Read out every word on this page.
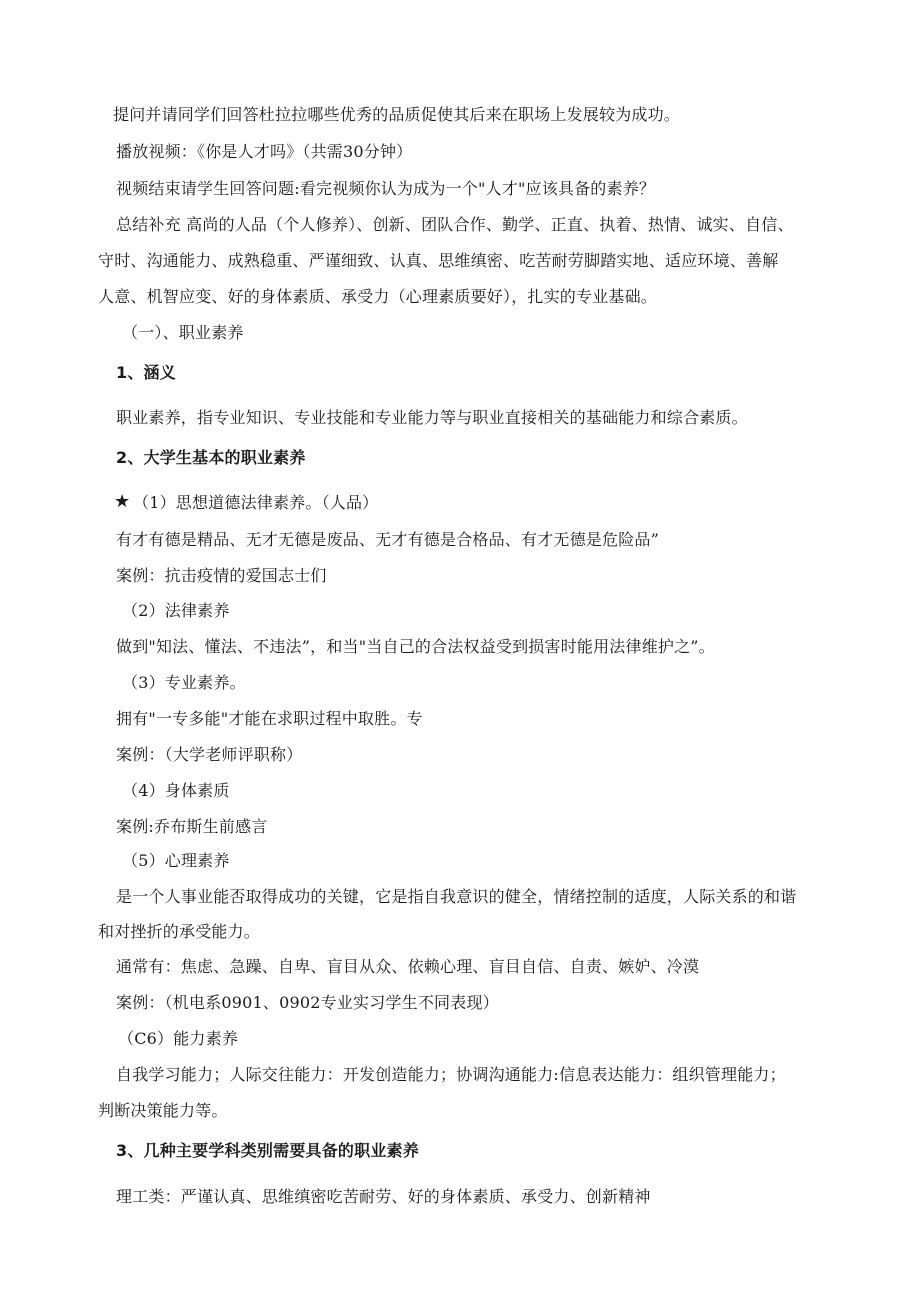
提问并请同学们回答杜拉拉哪些优秀的品质促使其后来在职场上发展较为成功。
播放视频：《你是人才吗》（共需30分钟）
视频结束请学生回答问题:看完视频你认为成为一个"人才"应该具备的素养？
总结补充 高尚的人品（个人修养）、创新、团队合作、勤学、正直、执着、热情、诚实、自信、
守时、沟通能力、成熟稳重、严谨细致、认真、思维缜密、吃苦耐劳脚踏实地、适应环境、善解
人意、机智应变、好的身体素质、承受力（心理素质要好），扎实的专业基础。
（一）、职业素养
1、涵义
职业素养，指专业知识、专业技能和专业能力等与职业直接相关的基础能力和综合素质。
2、大学生基本的职业素养
★ （1）思想道德法律素养。（人品）
有才有德是精品、无才无德是废品、无才有德是合格品、有才无德是危险品”
案例：抗击疫情的爱国志士们
（2）法律素养
做到"知法、懂法、不违法”，和当"当自己的合法权益受到损害时能用法律维护之”。
（3）专业素养。
拥有"一专多能"才能在求职过程中取胜。专
案例：（大学老师评职称）
（4）身体素质
案例:乔布斯生前感言
（5）心理素养
是一个人事业能否取得成功的关键，它是指自我意识的健全，情绪控制的适度，人际关系的和谐
和对挫折的承受能力。
通常有：焦虑、急躁、自卑、盲目从众、依赖心理、盲目自信、自责、嫉妒、冷漠
案例：（机电系0901、0902专业实习学生不同表现）
（C6）能力素养
自我学习能力；人际交往能力：开发创造能力；协调沟通能力:信息表达能力：组织管理能力；
判断决策能力等。
3、几种主要学科类别需要具备的职业素养
理工类：严谨认真、思维缜密吃苦耐劳、好的身体素质、承受力、创新精神
